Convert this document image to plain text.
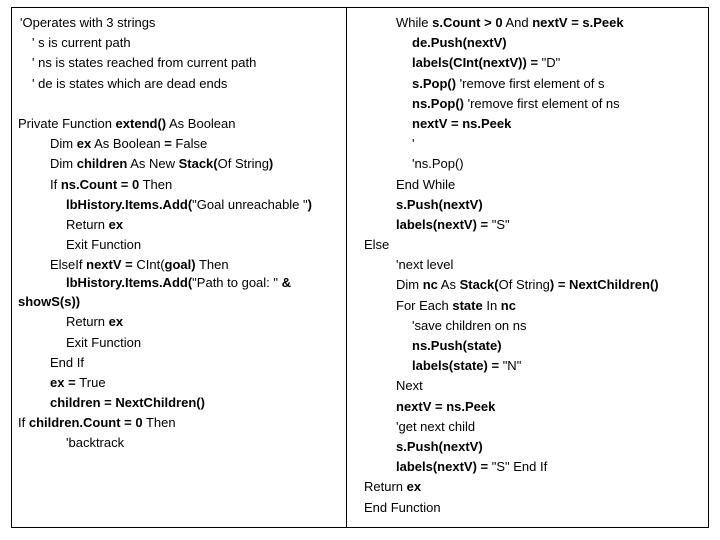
'Operates with 3 strings
' s is current path
' ns is states reached from current path
' de is states which are dead ends
Private Function extend() As Boolean
Dim ex As Boolean = False
Dim children As New Stack(Of String)
If ns.Count = 0 Then
lbHistory.Items.Add("Goal unreachable ")
Return ex
Exit Function
ElseIf nextV = CInt(goal) Then
lbHistory.Items.Add("Path to goal: " &
showS(s))
Return ex
Exit Function
End If
ex = True
children = NextChildren()
If children.Count = 0 Then
'backtrack
While s.Count > 0 And nextV = s.Peek
de.Push(nextV)
labels(CInt(nextV)) = "D"
s.Pop() 'remove first element of s
ns.Pop() 'remove first element of ns
nextV = ns.Peek
'
'ns.Pop()
End While
s.Push(nextV)
labels(nextV) = "S"
Else
'next level
Dim nc As Stack(Of String) = NextChildren()
For Each state In nc
'save children on ns
ns.Push(state)
labels(state) = "N"
Next
nextV = ns.Peek
'get next child
s.Push(nextV)
labels(nextV) = "S" End If
Return ex
End Function
